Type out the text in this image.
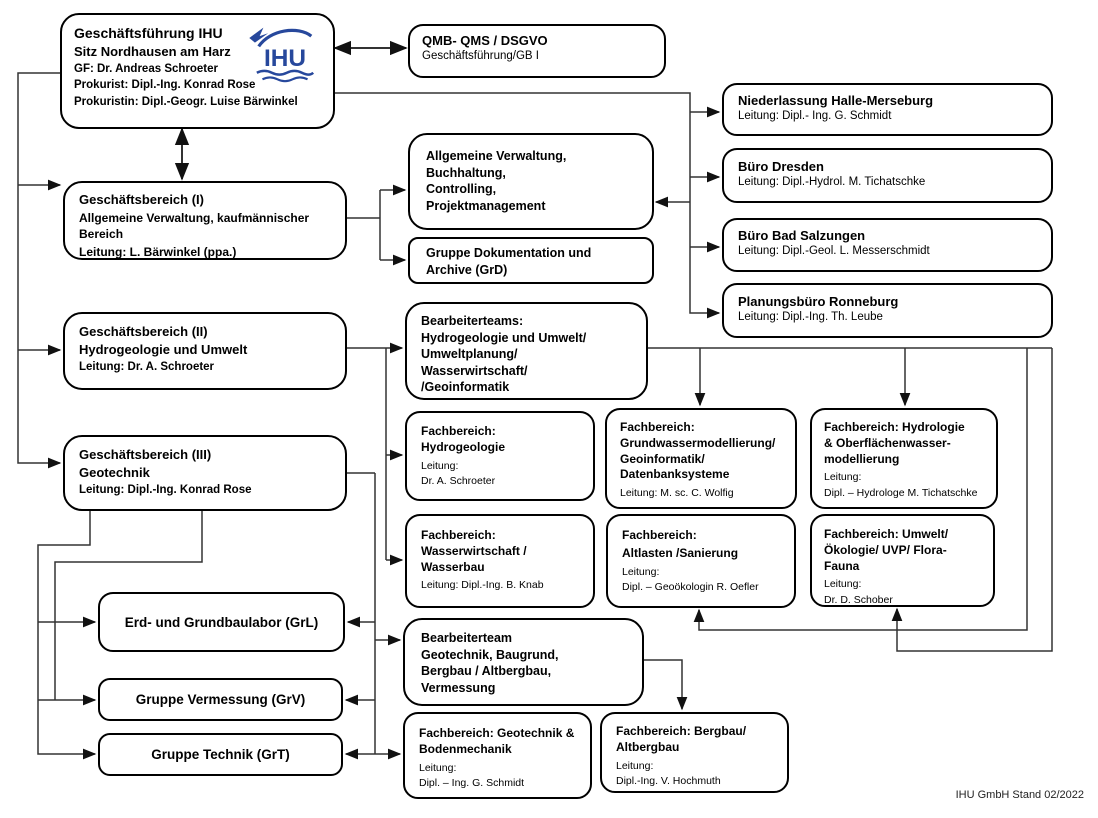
Geschäftsführung IHU
Sitz Nordhausen am Harz
GF: Dr. Andreas Schroeter
Prokurist: Dipl.-Ing. Konrad Rose
Prokuristin: Dipl.-Geogr. Luise Bärwinkel
IHU
QMB- QMS / DSGVO
Geschäftsführung/GB I
Niederlassung Halle-Merseburg
Leitung: Dipl.- Ing. G. Schmidt
Büro Dresden
Leitung: Dipl.-Hydrol. M. Tichatschke
Büro Bad Salzungen
Leitung: Dipl.-Geol. L. Messerschmidt
Planungsbüro Ronneburg
Leitung: Dipl.-Ing. Th. Leube
Geschäftsbereich (I)
Allgemeine Verwaltung, kaufmännischer Bereich
Leitung: L. Bärwinkel (ppa.)
Allgemeine Verwaltung,
Buchhaltung,
Controlling,
Projektmanagement
Gruppe Dokumentation und Archive (GrD)
Geschäftsbereich (II)
Hydrogeologie und Umwelt
Leitung: Dr. A. Schroeter
Bearbeiterteams:
Hydrogeologie und Umwelt/
Umweltplanung/
Wasserwirtschaft/
/Geoinformatik
Fachbereich:
Hydrogeologie
Leitung:
Dr. A. Schroeter
Fachbereich:
Grundwassermodellierung/
Geoinformatik/
Datenbanksysteme
Leitung: M. sc. C. Wolfig
Fachbereich: Hydrologie
& Oberflächenwasser-
modellierung
Leitung:
Dipl. – Hydrologe M. Tichatschke
Fachbereich:
Wasserwirtschaft /
Wasserbau
Leitung: Dipl.-Ing. B. Knab
Fachbereich:
Altlasten /Sanierung
Leitung:
Dipl. – Geoökologin R. Oefler
Fachbereich: Umwelt/
Ökologie/ UVP/ Flora-Fauna
Leitung:
Dr. D. Schober
Geschäftsbereich (III)
Geotechnik
Leitung: Dipl.-Ing. Konrad Rose
Erd- und Grundbaulabor (GrL)
Gruppe Vermessung (GrV)
Gruppe Technik (GrT)
Bearbeiterteam
Geotechnik, Baugrund,
Bergbau / Altbergbau,
Vermessung
Fachbereich: Geotechnik &
Bodenmechanik
Leitung:
Dipl. – Ing. G. Schmidt
Fachbereich: Bergbau/
Altbergbau
Leitung:
Dipl.-Ing. V. Hochmuth
IHU GmbH Stand 02/2022
